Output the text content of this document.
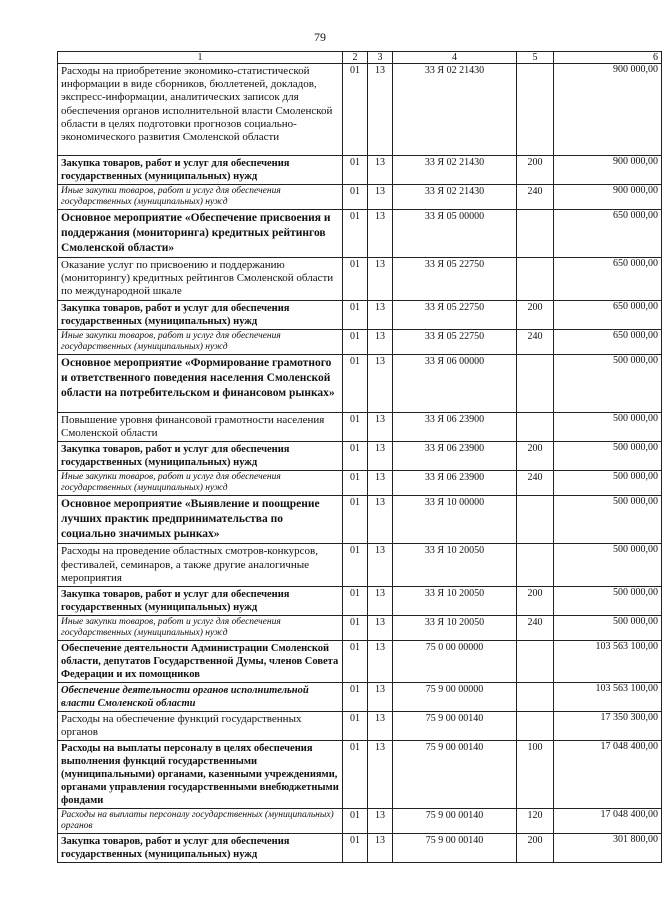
79
1	2	3	4	5	6
Расходы на приобретение экономико-статистической информации в виде сборников, бюллетеней, докладов, экспресс-информации, аналитических записок для обеспечения органов исполнительной власти Смоленской области в целях подготовки прогнозов социально-экономического развития Смоленской области	01	13	33 Я 02 21430		900 000,00

Закупка товаров, работ и услуг для обеспечения государственных (муниципальных) нужд	01	13	33 Я 02 21430	200	900 000,00

Иные закупки товаров, работ и услуг для обеспечения государственных (муниципальных) нужд	01	13	33 Я 02 21430	240	900 000,00

Основное мероприятие «Обеспечение присвоения и поддержания (мониторинга) кредитных рейтингов Смоленской области»	01	13	33 Я 05 00000		650 000,00

Оказание услуг по присвоению и поддержанию (мониторингу) кредитных рейтингов Смоленской области по международной шкале	01	13	33 Я 05 22750		650 000,00

Закупка товаров, работ и услуг для обеспечения государственных (муниципальных) нужд	01	13	33 Я 05 22750	200	650 000,00

Иные закупки товаров, работ и услуг для обеспечения государственных (муниципальных) нужд	01	13	33 Я 05 22750	240	650 000,00

Основное мероприятие «Формирование грамотного и ответственного поведения населения Смоленской области на потребительском и финансовом рынках»	01	13	33 Я 06 00000		500 000,00

Повышение уровня финансовой грамотности населения Смоленской области	01	13	33 Я 06 23900		500 000,00

Закупка товаров, работ и услуг для обеспечения государственных (муниципальных) нужд	01	13	33 Я 06 23900	200	500 000,00

Иные закупки товаров, работ и услуг для обеспечения государственных (муниципальных) нужд	01	13	33 Я 06 23900	240	500 000,00

Основное мероприятие «Выявление и поощрение лучших практик предпринимательства по социально значимых рынках»	01	13	33 Я 10 00000		500 000,00

Расходы на проведение областных смотров-конкурсов, фестивалей, семинаров, а также другие аналогичные мероприятия	01	13	33 Я 10 20050		500 000,00

Закупка товаров, работ и услуг для обеспечения государственных (муниципальных) нужд	01	13	33 Я 10 20050	200	500 000,00

Иные закупки товаров, работ и услуг для обеспечения государственных (муниципальных) нужд	01	13	33 Я 10 20050	240	500 000,00

Обеспечение деятельности Администрации Смоленской области, депутатов Государственной Думы, членов Совета Федерации и их помощников	01	13	75 0 00 00000		103 563 100,00

Обеспечение деятельности органов исполнительной власти Смоленской области	01	13	75 9 00 00000		103 563 100,00

Расходы на обеспечение функций государственных органов	01	13	75 9 00 00140		17 350 300,00

Расходы на выплаты персоналу в целях обеспечения выполнения функций государственными (муниципальными) органами, казенными учреждениями, органами управления государственными внебюджетными фондами	01	13	75 9 00 00140	100	17 048 400,00

Расходы на выплаты персоналу государственных (муниципальных) органов	01	13	75 9 00 00140	120	17 048 400,00

Закупка товаров, работ и услуг для обеспечения государственных (муниципальных) нужд	01	13	75 9 00 00140	200	301 800,00
